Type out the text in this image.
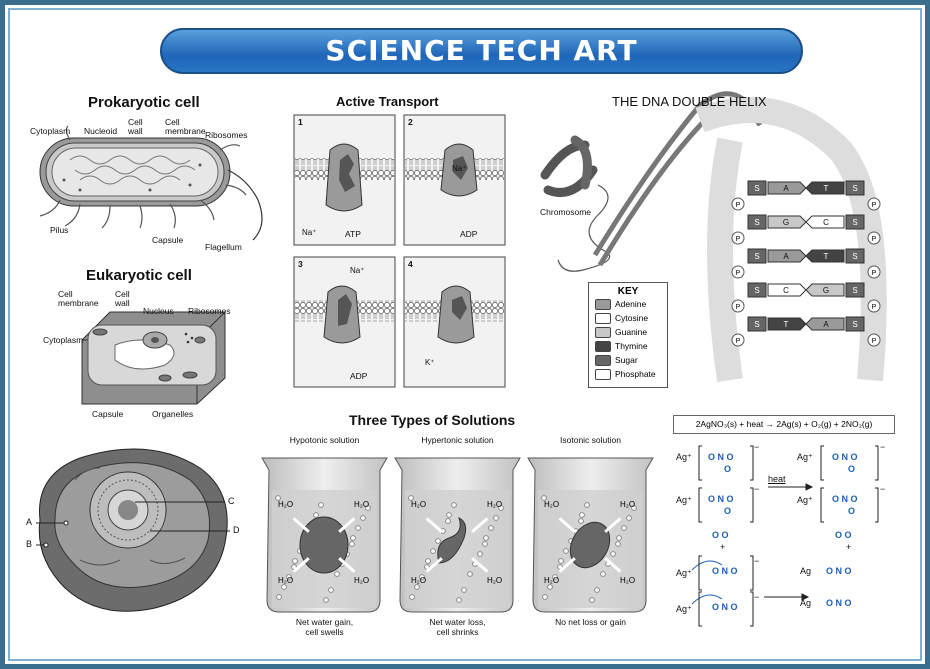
SCIENCE TECH ART
S	S
A	T
P	P
S	S
G	C
P	P
S	S
A	T
P	P
S	S
C	G
P	P
S	S
T	A
P	P
H₂O	H₂O
H₂O	H₂O
H₂O	H₂O
H₂O	H₂O
H₂O	H₂O
H₂O	H₂O
Prokaryotic cell
Cytoplasm Nucleoid
Cell wall
Cell membrane Ribosomes
Pilus
Capsule
Flagellum
Eukaryotic cell
Cell membrane
Cell wall
Nucleus Ribosomes
Cytoplasm
Capsule	Organelles
A
B
C
D
Active Transport
1	2
3	4
ATP	ADP
ADP
Na⁺
Na⁺
Na⁺
K⁺
THE DNA DOUBLE HELIX
Chromosome
KEY
Adenine
Cytosine
Guanine
Thymine
Sugar
Phosphate
Three Types of Solutions
Hypotonic solution
Net water gain,
cell swells
Hypertonic solution
Net water loss,
cell shrinks
Isotonic solution
No net loss or gain
2AgNO₃(s) + heat → 2Ag(s) + O₂(g) + 2NO₂(g)
Ag⁺
Ag⁺
Ag⁺
Ag⁺
Ag⁺
Ag⁺
O N O
O
O N O
O
O N O
O
O N O
O
−
−
−
−
−
−
heat
+	+
O O
O O
O N O
O N O
Ag
Ag
O N O
O N O
